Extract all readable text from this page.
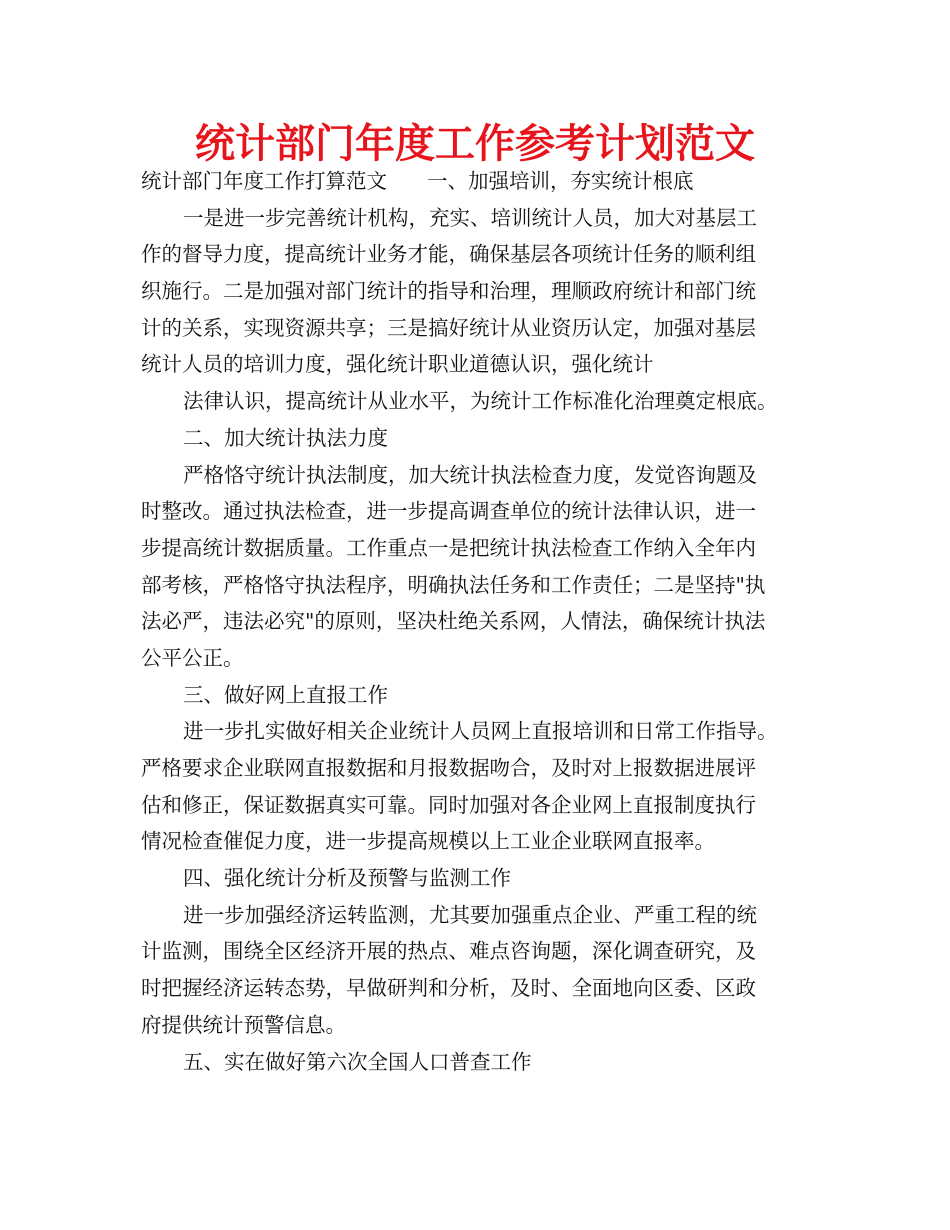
统计部门年度工作参考计划范文
统计部门年度工作打算范文 一、加强培训，夯实统计根底
一是进一步完善统计机构，充实、培训统计人员，加大对基层工
作的督导力度，提高统计业务才能，确保基层各项统计任务的顺利组
织施行。二是加强对部门统计的指导和治理，理顺政府统计和部门统
计的关系，实现资源共享；三是搞好统计从业资历认定，加强对基层
统计人员的培训力度，强化统计职业道德认识，强化统计
法律认识，提高统计从业水平，为统计工作标准化治理奠定根底。
二、加大统计执法力度
严格恪守统计执法制度，加大统计执法检查力度，发觉咨询题及
时整改。通过执法检查，进一步提高调查单位的统计法律认识，进一
步提高统计数据质量。工作重点一是把统计执法检查工作纳入全年内
部考核，严格恪守执法程序，明确执法任务和工作责任；二是坚持"执
法必严，违法必究"的原则，坚决杜绝关系网，人情法，确保统计执法
公平公正。
三、做好网上直报工作
进一步扎实做好相关企业统计人员网上直报培训和日常工作指导。
严格要求企业联网直报数据和月报数据吻合，及时对上报数据进展评
估和修正，保证数据真实可靠。同时加强对各企业网上直报制度执行
情况检查催促力度，进一步提高规模以上工业企业联网直报率。
四、强化统计分析及预警与监测工作
进一步加强经济运转监测，尤其要加强重点企业、严重工程的统
计监测，围绕全区经济开展的热点、难点咨询题，深化调查研究，及
时把握经济运转态势，早做研判和分析，及时、全面地向区委、区政
府提供统计预警信息。
五、实在做好第六次全国人口普查工作
